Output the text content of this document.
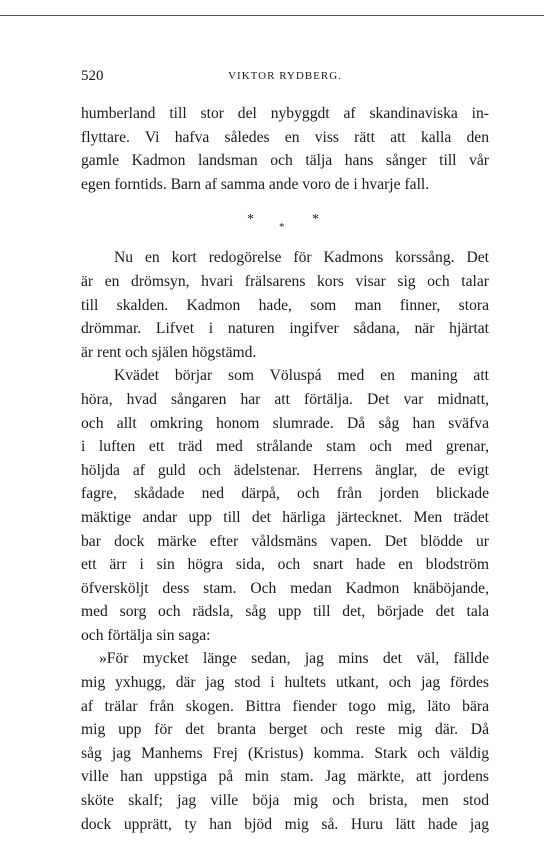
520	VIKTOR RYDBERG.
humberland till stor del nybyggdt af skandinaviska in-
flyttare. Vi hafva således en viss rätt att kalla den
gamle Kadmon landsman och tälja hans sånger till vår
egen forntids. Barn af samma ande voro de i hvarje fall.
* * *
Nu en kort redogörelse för Kadmons korssång. Det
är en drömsyn, hvari frälsarens kors visar sig och talar
till skalden. Kadmon hade, som man finner, stora
drömmar. Lifvet i naturen ingifver sådana, när hjärtat
är rent och själen högstämd.
Kvädet börjar som Völuspá med en maning att
höra, hvad sångaren har att förtälja. Det var midnatt,
och allt omkring honom slumrade. Då såg han sväfva
i luften ett träd med strålande stam och med grenar,
höljda af guld och ädelstenar. Herrens änglar, de evigt
fagre, skådade ned därpå, och från jorden blickade
mäktige andar upp till det härliga järtecknet. Men trädet
bar dock märke efter våldsmäns vapen. Det blödde ur
ett ärr i sin högra sida, och snart hade en blodström
öfversköljt dess stam. Och medan Kadmon knäböjande,
med sorg och rädsla, såg upp till det, började det tala
och förtälja sin saga:
»För mycket länge sedan, jag mins det väl, fällde
mig yxhugg, där jag stod i hultets utkant, och jag fördes
af trälar från skogen. Bittra fiender togo mig, läto bära
mig upp för det branta berget och reste mig där. Då
såg jag Manhems Frej (Kristus) komma. Stark och väldig
ville han uppstiga på min stam. Jag märkte, att jordens
sköte skalf; jag ville böja mig och brista, men stod
dock upprätt, ty han bjöd mig så. Huru lätt hade jag
